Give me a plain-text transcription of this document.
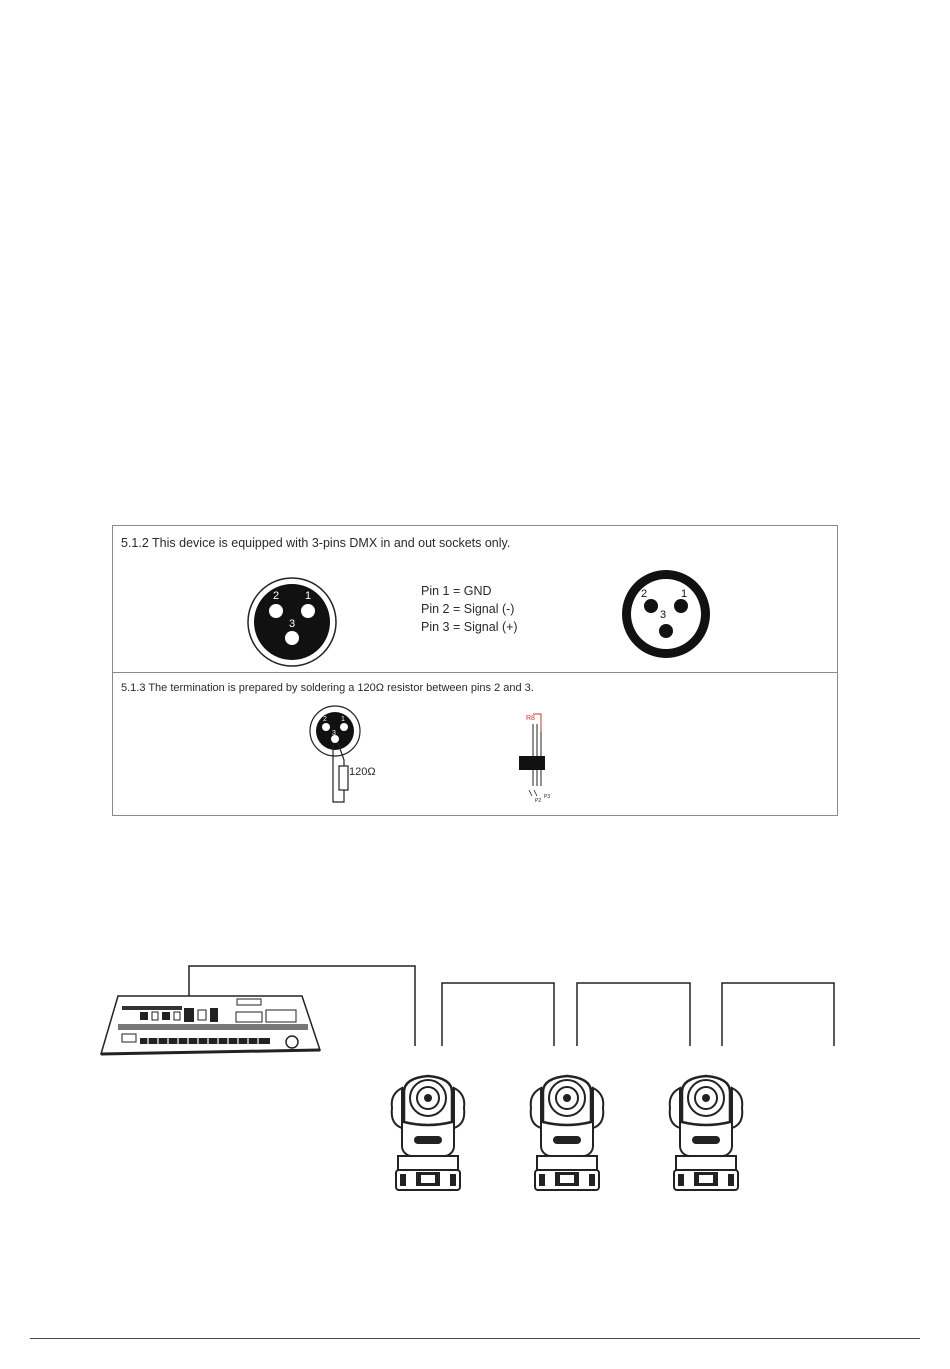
5.1.2 This device is equipped with 3-pins DMX in and out sockets only.
2 1
3
Pin 1 = GND
Pin 2 = Signal (-)
Pin 3 = Signal (+)
2	1
3
5.1.3 The termination is prepared by soldering a 120Ω resistor between pins 2 and 3.
2 1
3
120Ω
R8
P2
P3
